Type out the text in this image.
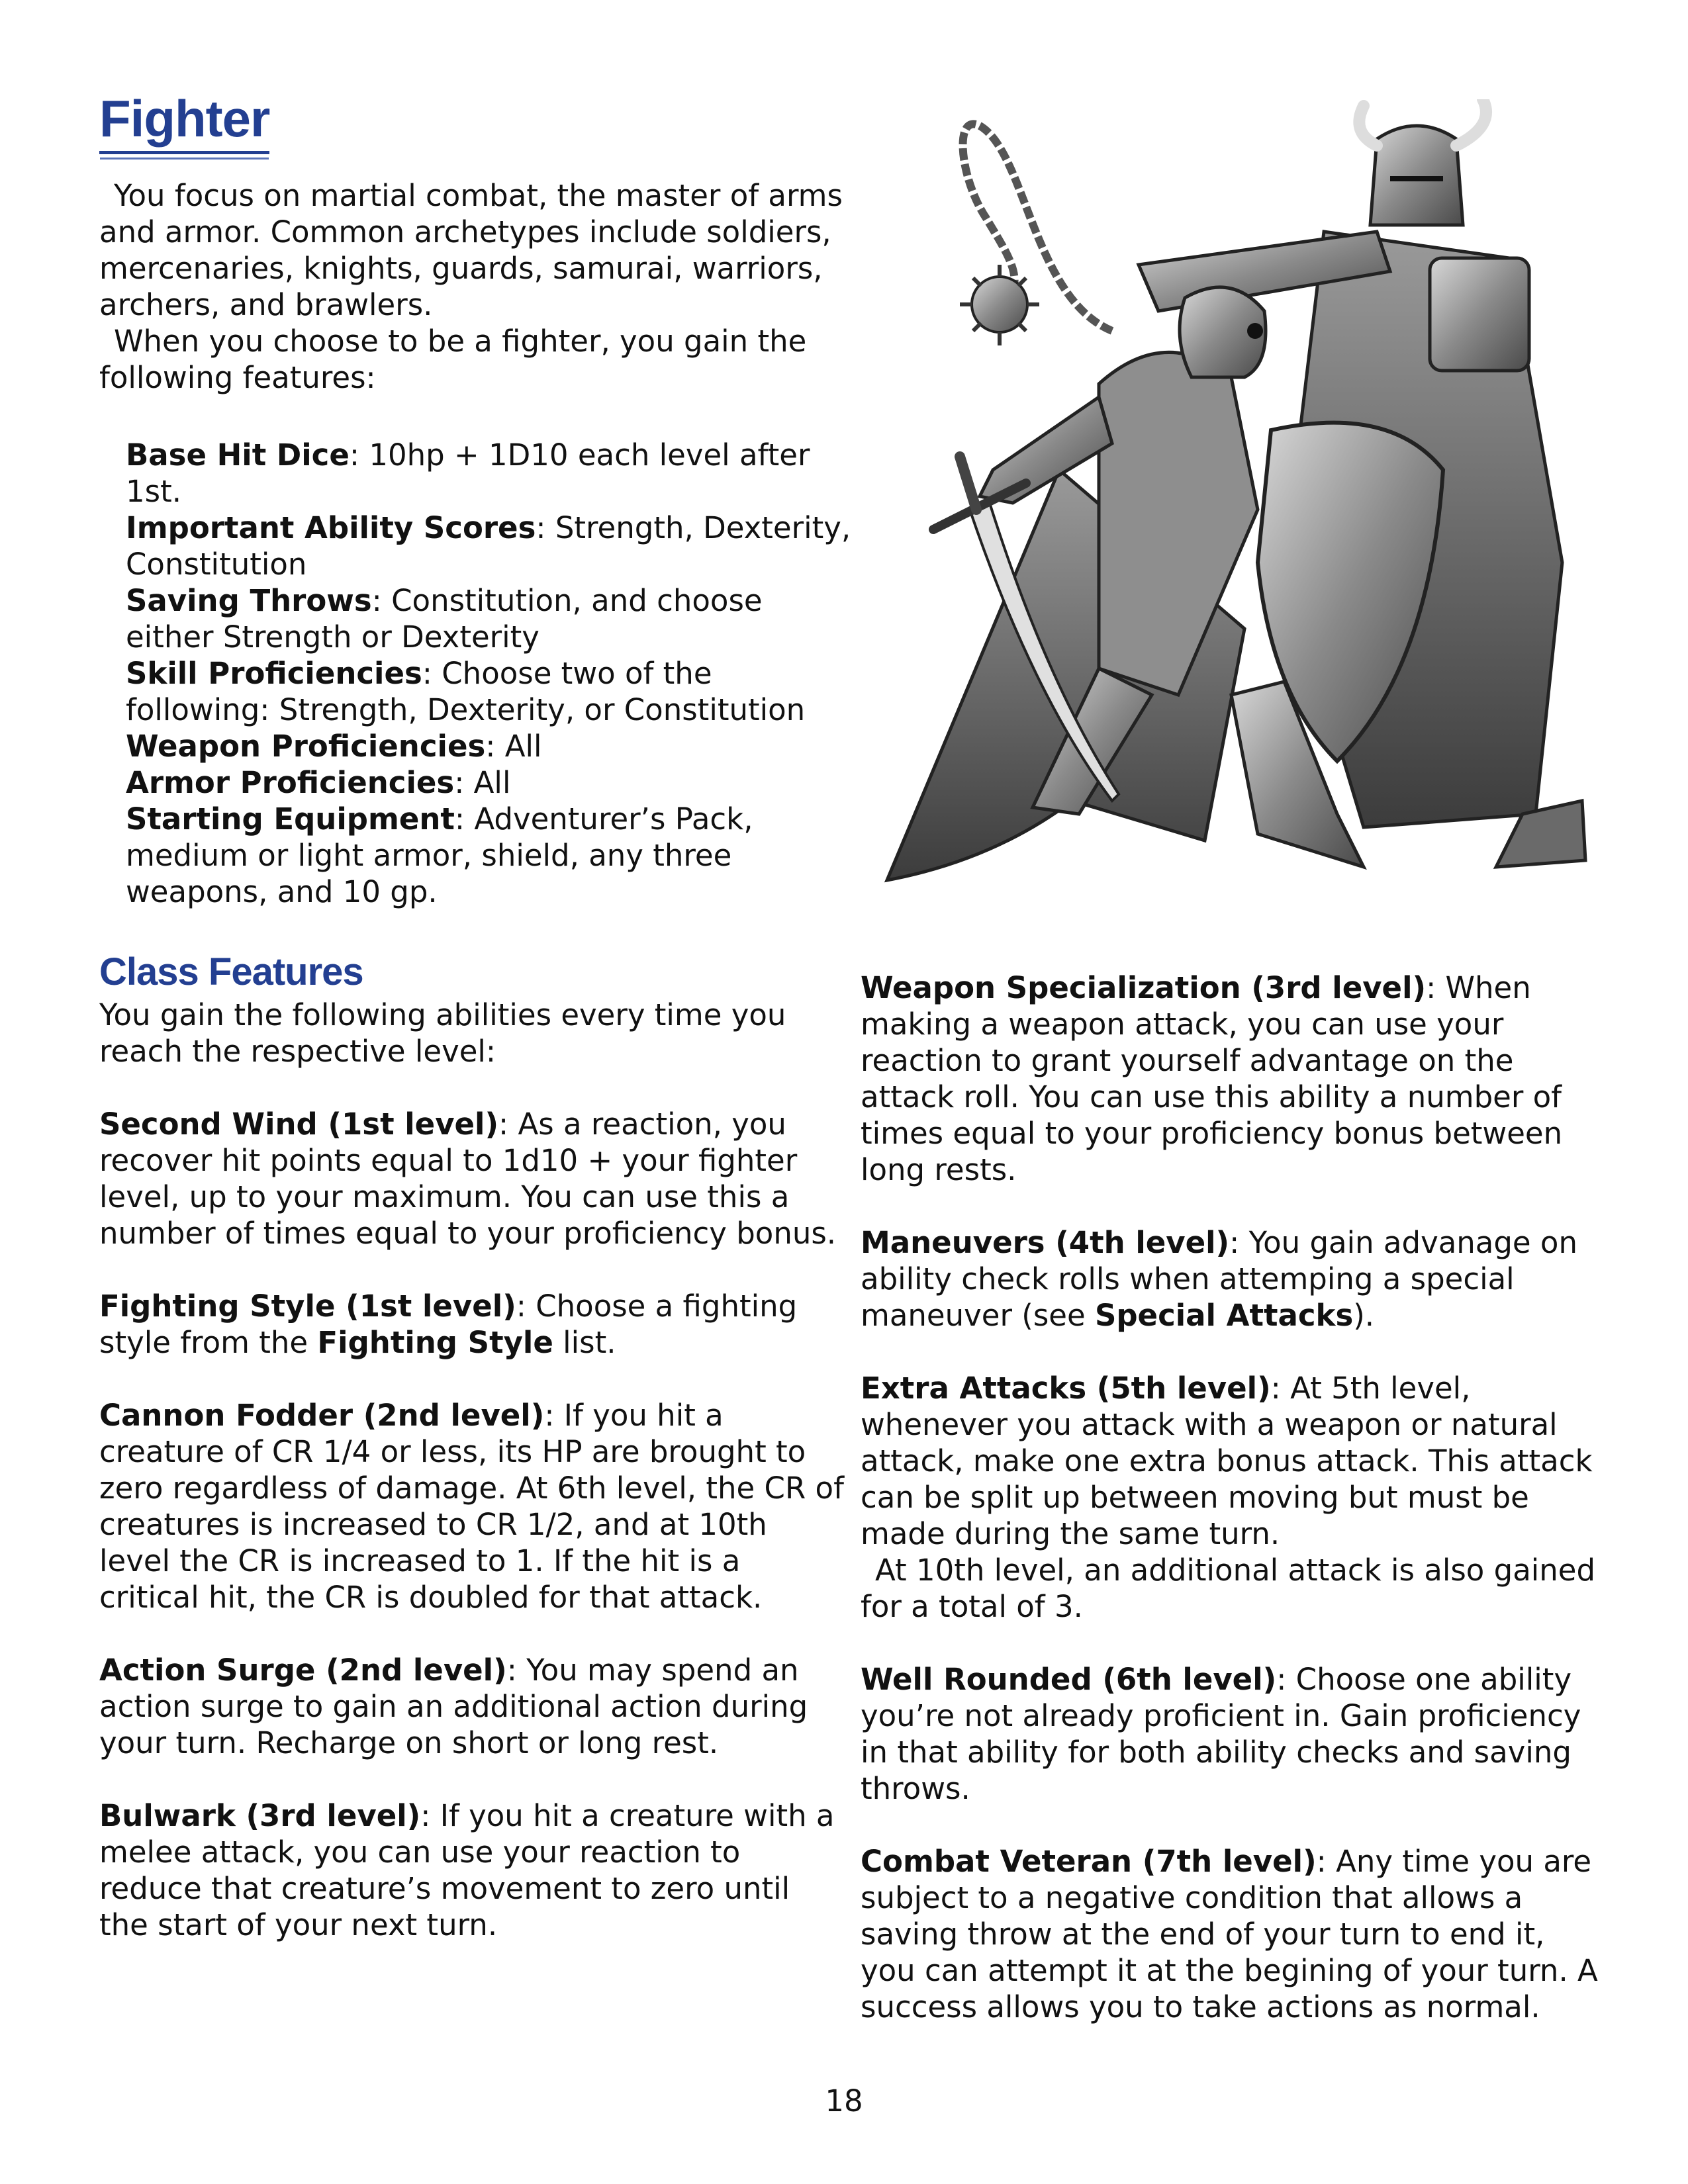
Fighter

You focus on martial combat, the master of arms and armor. Common archetypes include soldiers, mercenaries, knights, guards, samurai, warriors, archers, and brawlers.

When you choose to be a fighter, you gain the following features:

Base Hit Dice: 10hp + 1D10 each level after 1st.

Important Ability Scores: Strength, Dexterity, Constitution

Saving Throws: Constitution, and choose either Strength or Dexterity

Skill Proficiencies: Choose two of the following: Strength, Dexterity, or Constitution

Weapon Proficiencies: All

Armor Proficiencies: All

Starting Equipment: Adventurer’s Pack, medium or light armor, shield, any three weapons, and 10 gp.

Class Features

You gain the following abilities every time you reach the respective level:

Second Wind (1st level): As a reaction, you recover hit points equal to 1d10 + your fighter level, up to your maximum. You can use this a number of times equal to your proficiency bonus.

Fighting Style (1st level): Choose a fighting style from the Fighting Style list.

Cannon Fodder (2nd level): If you hit a creature of CR 1/4 or less, its HP are brought to zero regardless of damage. At 6th level, the CR of creatures is increased to CR 1/2, and at 10th level the CR is increased to 1. If the hit is a critical hit, the CR is doubled for that attack.

Action Surge (2nd level): You may spend an action surge to gain an additional action during your turn. Recharge on short or long rest.

Bulwark (3rd level): If you hit a creature with a melee attack, you can use your reaction to reduce that creature’s movement to zero until the start of your next turn.

Weapon Specialization (3rd level): When making a weapon attack, you can use your reaction to grant yourself advantage on the attack roll. You can use this ability a number of times equal to your proficiency bonus between long rests.

Maneuvers (4th level): You gain advanage on ability check rolls when attemping a special maneuver (see Special Attacks).

Extra Attacks (5th level): At 5th level, whenever you attack with a weapon or natural attack, make one extra bonus attack. This attack can be split up between moving but must be made during the same turn.

At 10th level, an additional attack is also gained for a total of 3.

Well Rounded (6th level): Choose one ability you’re not already proficient in. Gain proficiency in that ability for both ability checks and saving throws.

Combat Veteran (7th level): Any time you are subject to a negative condition that allows a saving throw at the end of your turn to end it, you can attempt it at the begining of your turn. A success allows you to take actions as normal.

18
